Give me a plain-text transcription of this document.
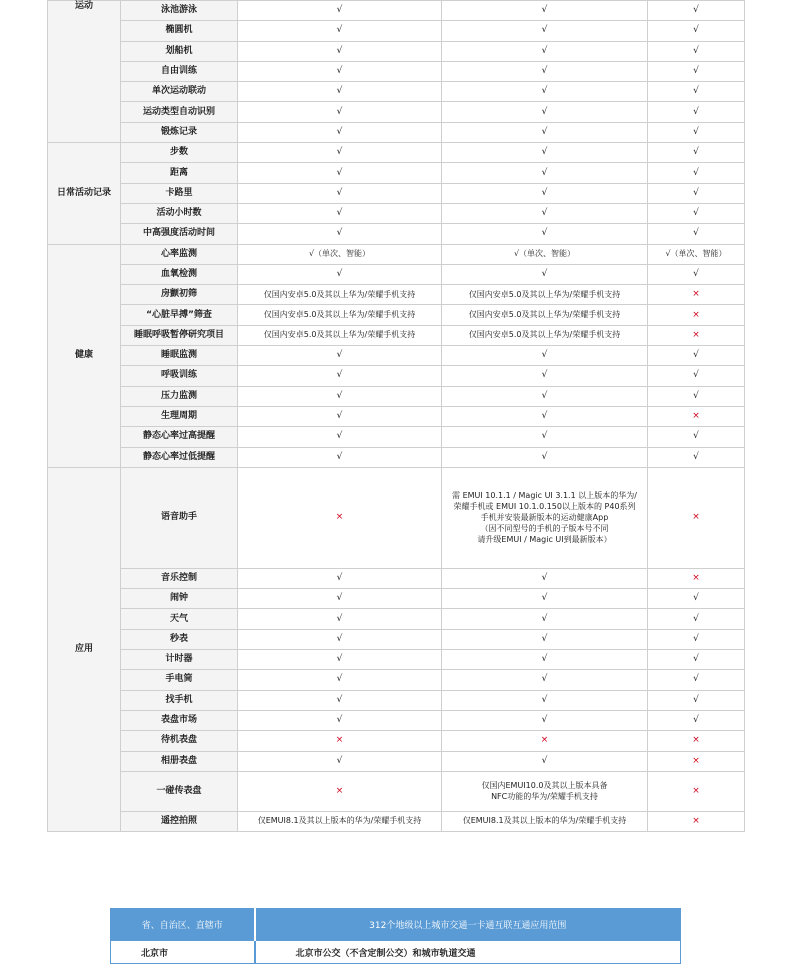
运动	泳池游泳	√	√	√
	椭圆机	√	√	√
	划船机	√	√	√
	自由训练	√	√	√
	单次运动联动	√	√	√
	运动类型自动识别	√	√	√
	锻炼记录	√	√	√
日常活动记录	步数	√	√	√
	距离	√	√	√
	卡路里	√	√	√
	活动小时数	√	√	√
	中高强度活动时间	√	√	√
健康	心率监测	√（单次、智能）	√（单次、智能）	√（单次、智能）
	血氧检测	√	√	√
	房颤初筛	仅国内安卓5.0及其以上华为/荣耀手机支持	仅国内安卓5.0及其以上华为/荣耀手机支持	×
	“心脏早搏”筛查	仅国内安卓5.0及其以上华为/荣耀手机支持	仅国内安卓5.0及其以上华为/荣耀手机支持	×
	睡眠呼吸暂停研究项目	仅国内安卓5.0及其以上华为/荣耀手机支持	仅国内安卓5.0及其以上华为/荣耀手机支持	×
	睡眠监测	√	√	√
	呼吸训练	√	√	√
	压力监测	√	√	√
	生理周期	√	√	×
	静态心率过高提醒	√	√	√
	静态心率过低提醒	√	√	√
应用	语音助手	×	需 EMUI 10.1.1 / Magic UI 3.1.1 以上版本的华为/
荣耀手机或 EMUI 10.1.0.150以上版本的 P40系列
手机并安装最新版本的运动健康App
（因不同型号的手机的子版本号不同
请升级EMUI / Magic UI到最新版本）	×
	音乐控制	√	√	×
	闹钟	√	√	√
	天气	√	√	√
	秒表	√	√	√
	计时器	√	√	√
	手电筒	√	√	√
	找手机	√	√	√
	表盘市场	√	√	√
	待机表盘	×	×	×
	相册表盘	√	√	×
	一碰传表盘	×	仅国内EMUI10.0及其以上版本具备
NFC功能的华为/荣耀手机支持	×
	遥控拍照	仅EMUI8.1及其以上版本的华为/荣耀手机支持	仅EMUI8.1及其以上版本的华为/荣耀手机支持	×
省、自治区、直辖市	312个地级以上城市交通一卡通互联互通应用范围
北京市	北京市公交（不含定制公交）和城市轨道交通
